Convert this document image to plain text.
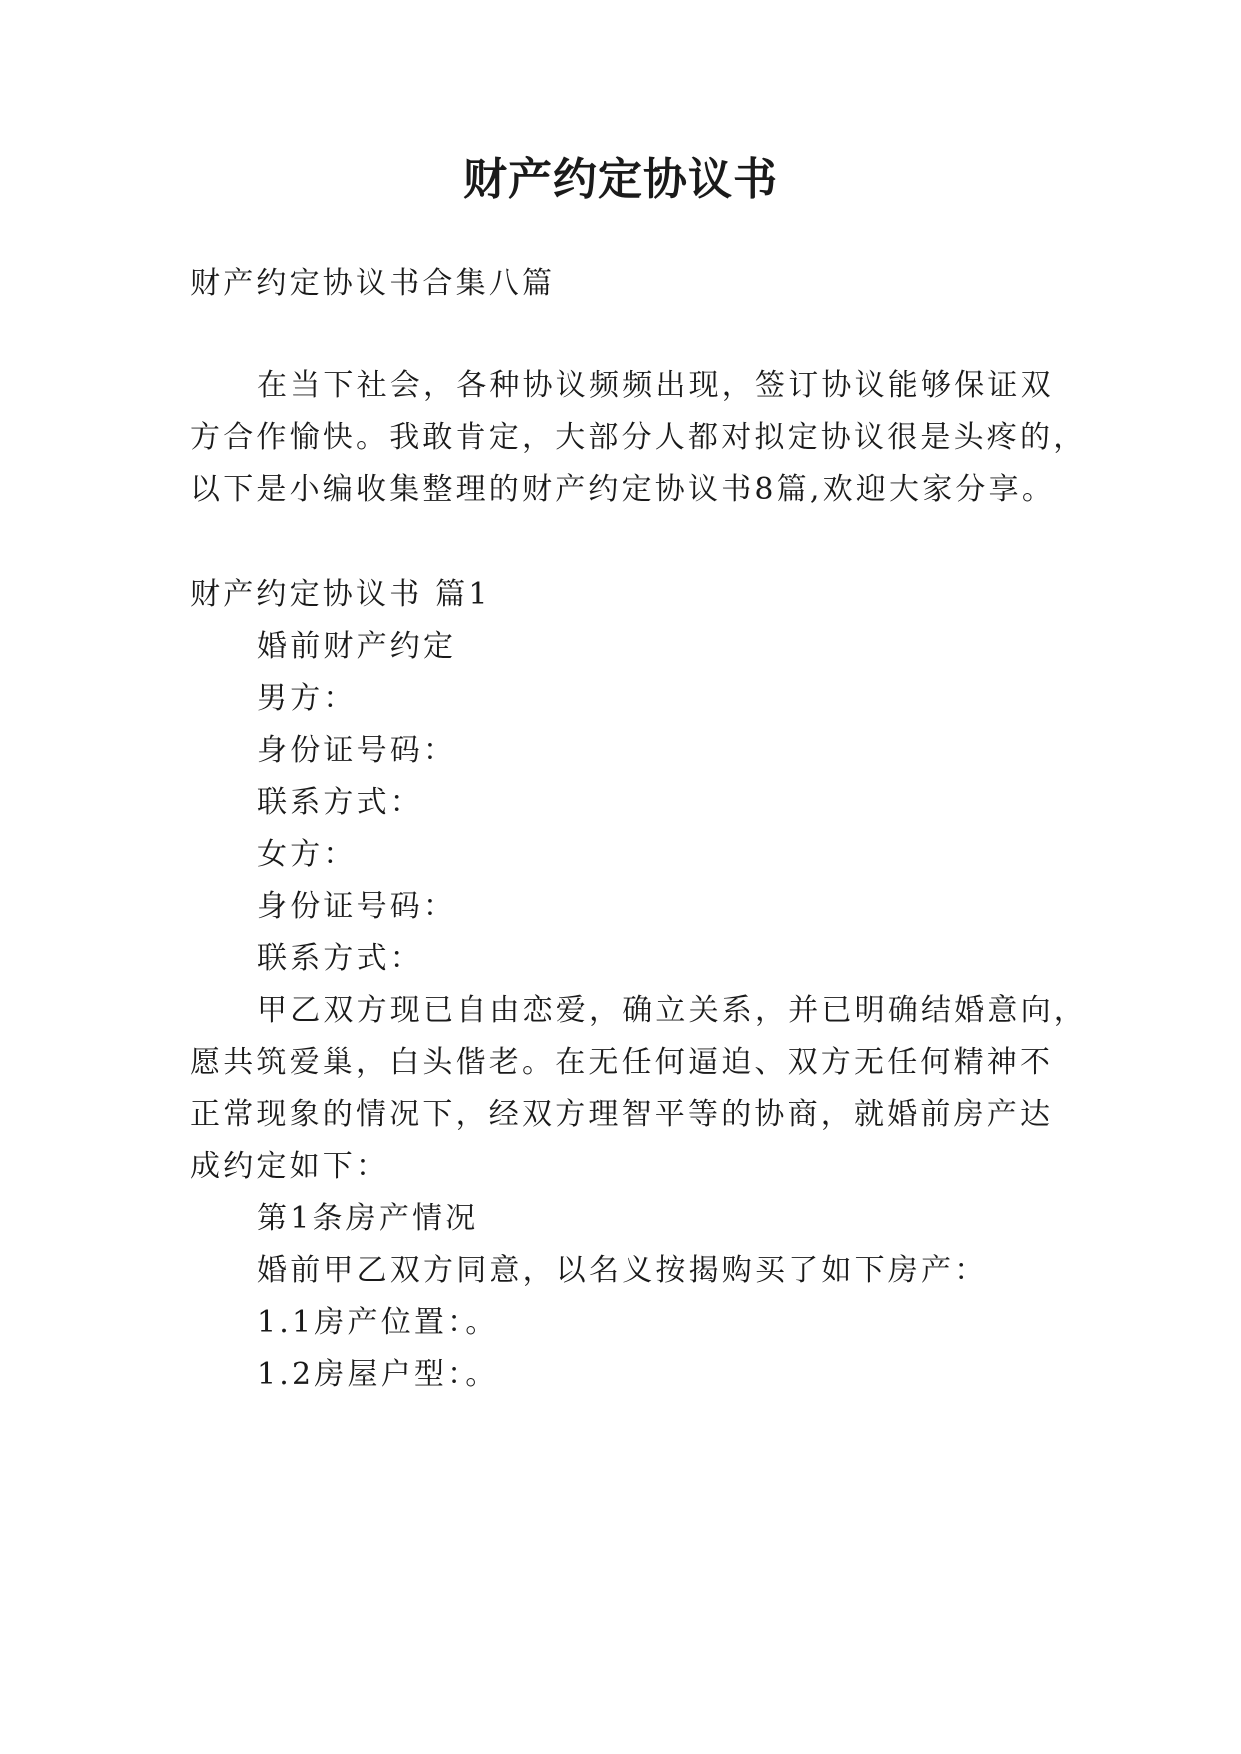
财产约定协议书

财产约定协议书合集八篇

在当下社会，各种协议频频出现，签订协议能够保证双

方合作愉快。我敢肯定，大部分人都对拟定协议很是头疼的，

以下是小编收集整理的财产约定协议书8篇,欢迎大家分享。

财产约定协议书 篇1

婚前财产约定

男方：

身份证号码：

联系方式：

女方：

身份证号码：

联系方式：

甲乙双方现已自由恋爱，确立关系，并已明确结婚意向，

愿共筑爱巢，白头偕老。在无任何逼迫、双方无任何精神不

正常现象的情况下，经双方理智平等的协商，就婚前房产达

成约定如下：

第1条房产情况

婚前甲乙双方同意，以名义按揭购买了如下房产：

1.1房产位置：。

1.2房屋户型：。
